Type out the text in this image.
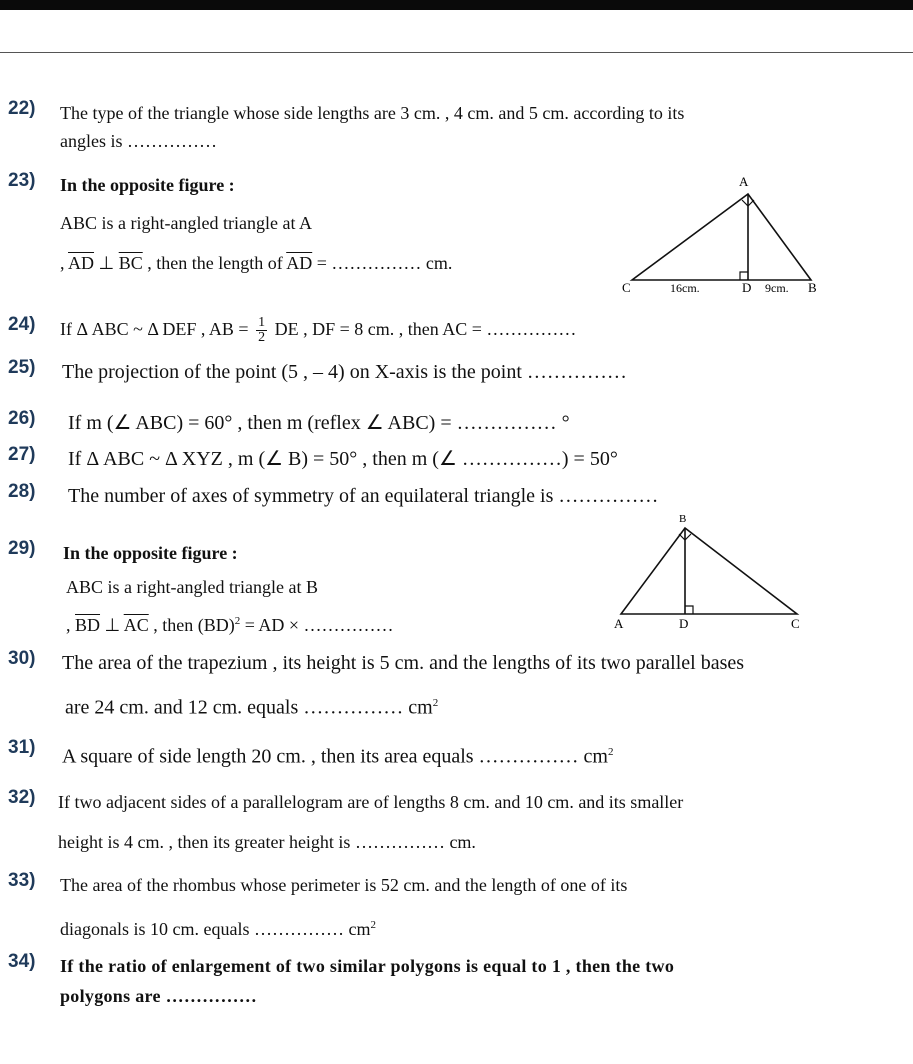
22) The type of the triangle whose side lengths are 3 cm. , 4 cm. and 5 cm. according to its
angles is ……………
23) In the opposite figure :
ABC is a right-angled triangle at A
, $\overline{AD}$ ⊥ $\overline{BC}$ , then the length of $\overline{AD}$ = …………… cm.
A
C	D	B
16cm.	9cm.
24) If Δ ABC ~ Δ DEF , AB = $\frac{1}{2}$ DE , DF = 8 cm. , then AC = ……………
25) The projection of the point (5 , – 4) on X-axis is the point ……………
26) If m (∠ ABC) = 60° , then m (reflex ∠ ABC) = …………… °
27) If Δ ABC ~ Δ XYZ , m (∠ B) = 50° , then m (∠ ……………) = 50°
28) The number of axes of symmetry of an equilateral triangle is ……………
29) In the opposite figure :
ABC is a right-angled triangle at B
, $\overline{BD}$ ⊥ $\overline{AC}$ , then (BD)$^2$ = AD × ……………
B
A	D	C
30) The area of the trapezium , its height is 5 cm. and the lengths of its two parallel bases
are 24 cm. and 12 cm. equals …………… $cm^2$
31) A square of side length 20 cm. , then its area equals …………… $cm^2$
32) If two adjacent sides of a parallelogram are of lengths 8 cm. and 10 cm. and its smaller
height is 4 cm. , then its greater height is …………… cm.
33) The area of the rhombus whose perimeter is 52 cm. and the length of one of its
diagonals is 10 cm. equals …………… $cm^2$
34) If the ratio of enlargement of two similar polygons is equal to 1 , then the two
polygons are ……………
